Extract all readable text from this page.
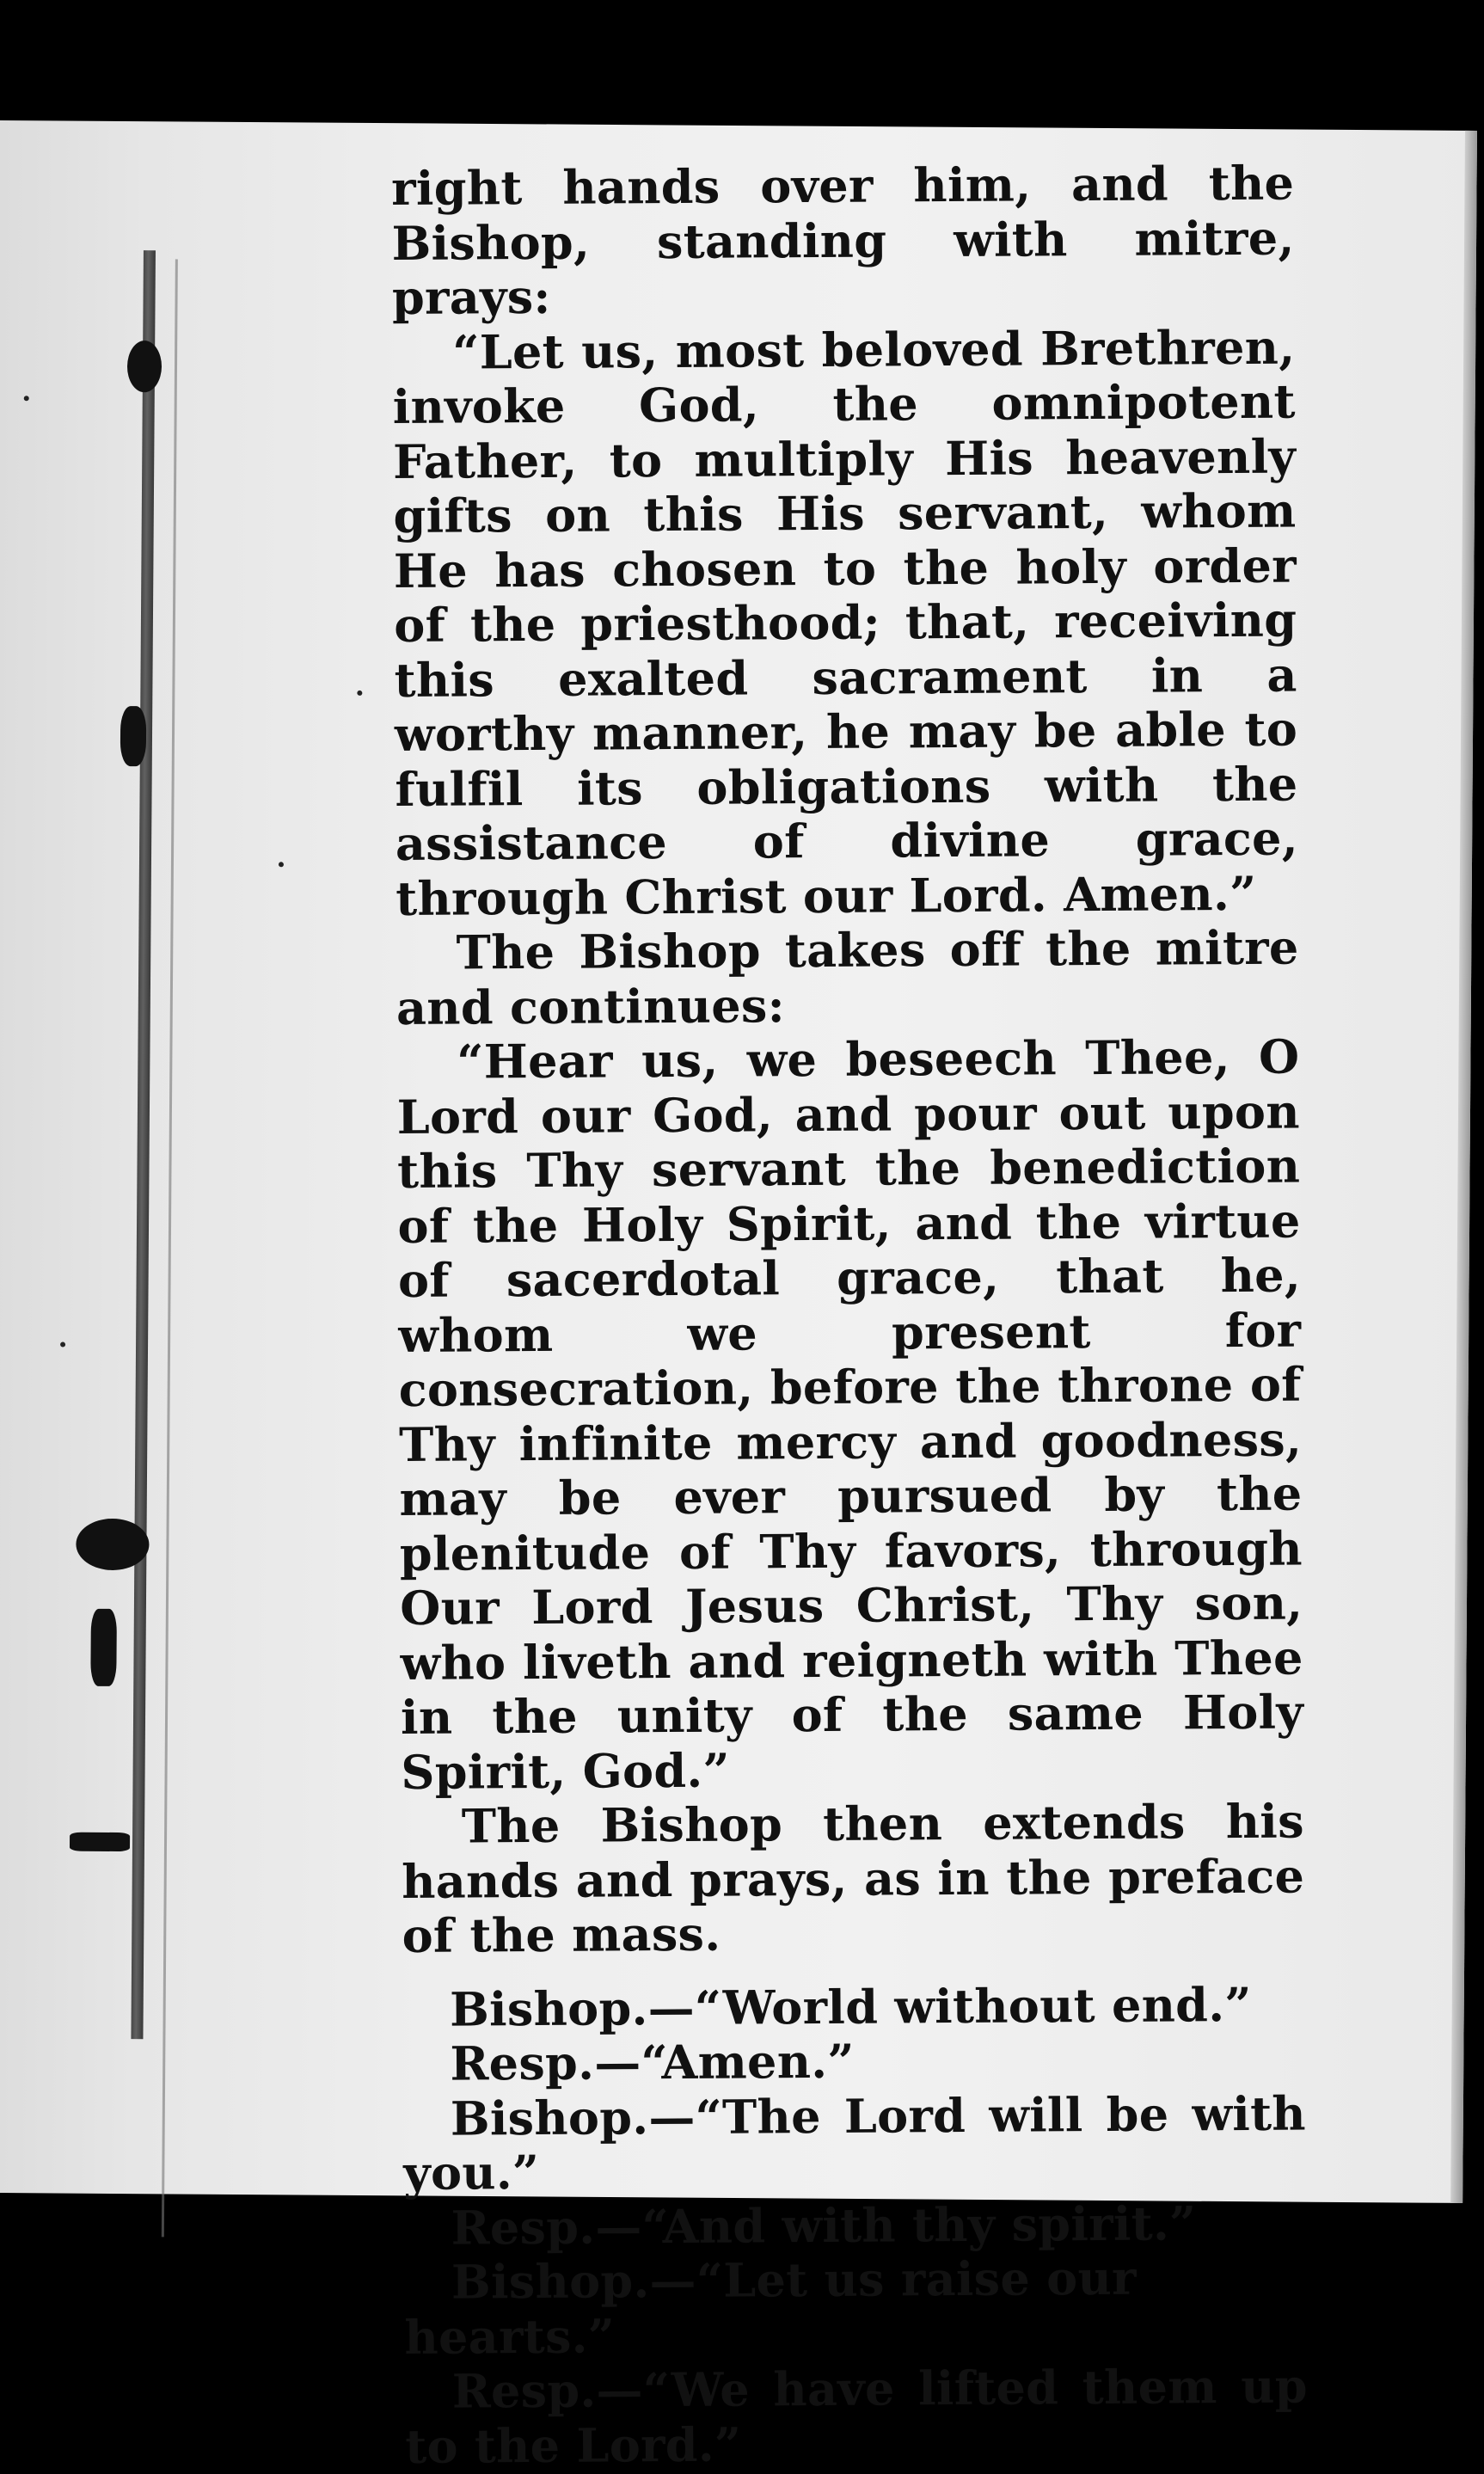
right hands over him, and the Bishop, standing with mitre, prays:

“Let us, most beloved Brethren, invoke God, the omnipotent Father, to multiply His heavenly gifts on this His servant, whom He has chosen to the holy order of the priesthood; that, receiving this exalted sacrament in a worthy manner, he may be able to fulfil its obligations with the assistance of divine grace, through Christ our Lord. Amen.”

The Bishop takes off the mitre and continues:

“Hear us, we beseech Thee, O Lord our God, and pour out upon this Thy servant the benediction of the Holy Spirit, and the virtue of sacerdotal grace, that he, whom we present for consecration, before the throne of Thy infinite mercy and goodness, may be ever pursued by the plenitude of Thy favors, through Our Lord Jesus Christ, Thy son, who liveth and reigneth with Thee in the unity of the same Holy Spirit, God.”

The Bishop then extends his hands and prays, as in the preface of the mass.

Bishop.—“World without end.”

Resp.—“Amen.”

Bishop.—“The Lord will be with you.”

Resp.—“And with thy spirit.”

Bishop.—“Let us raise our hearts.”

Resp.—“We have lifted them up to the Lord.”
